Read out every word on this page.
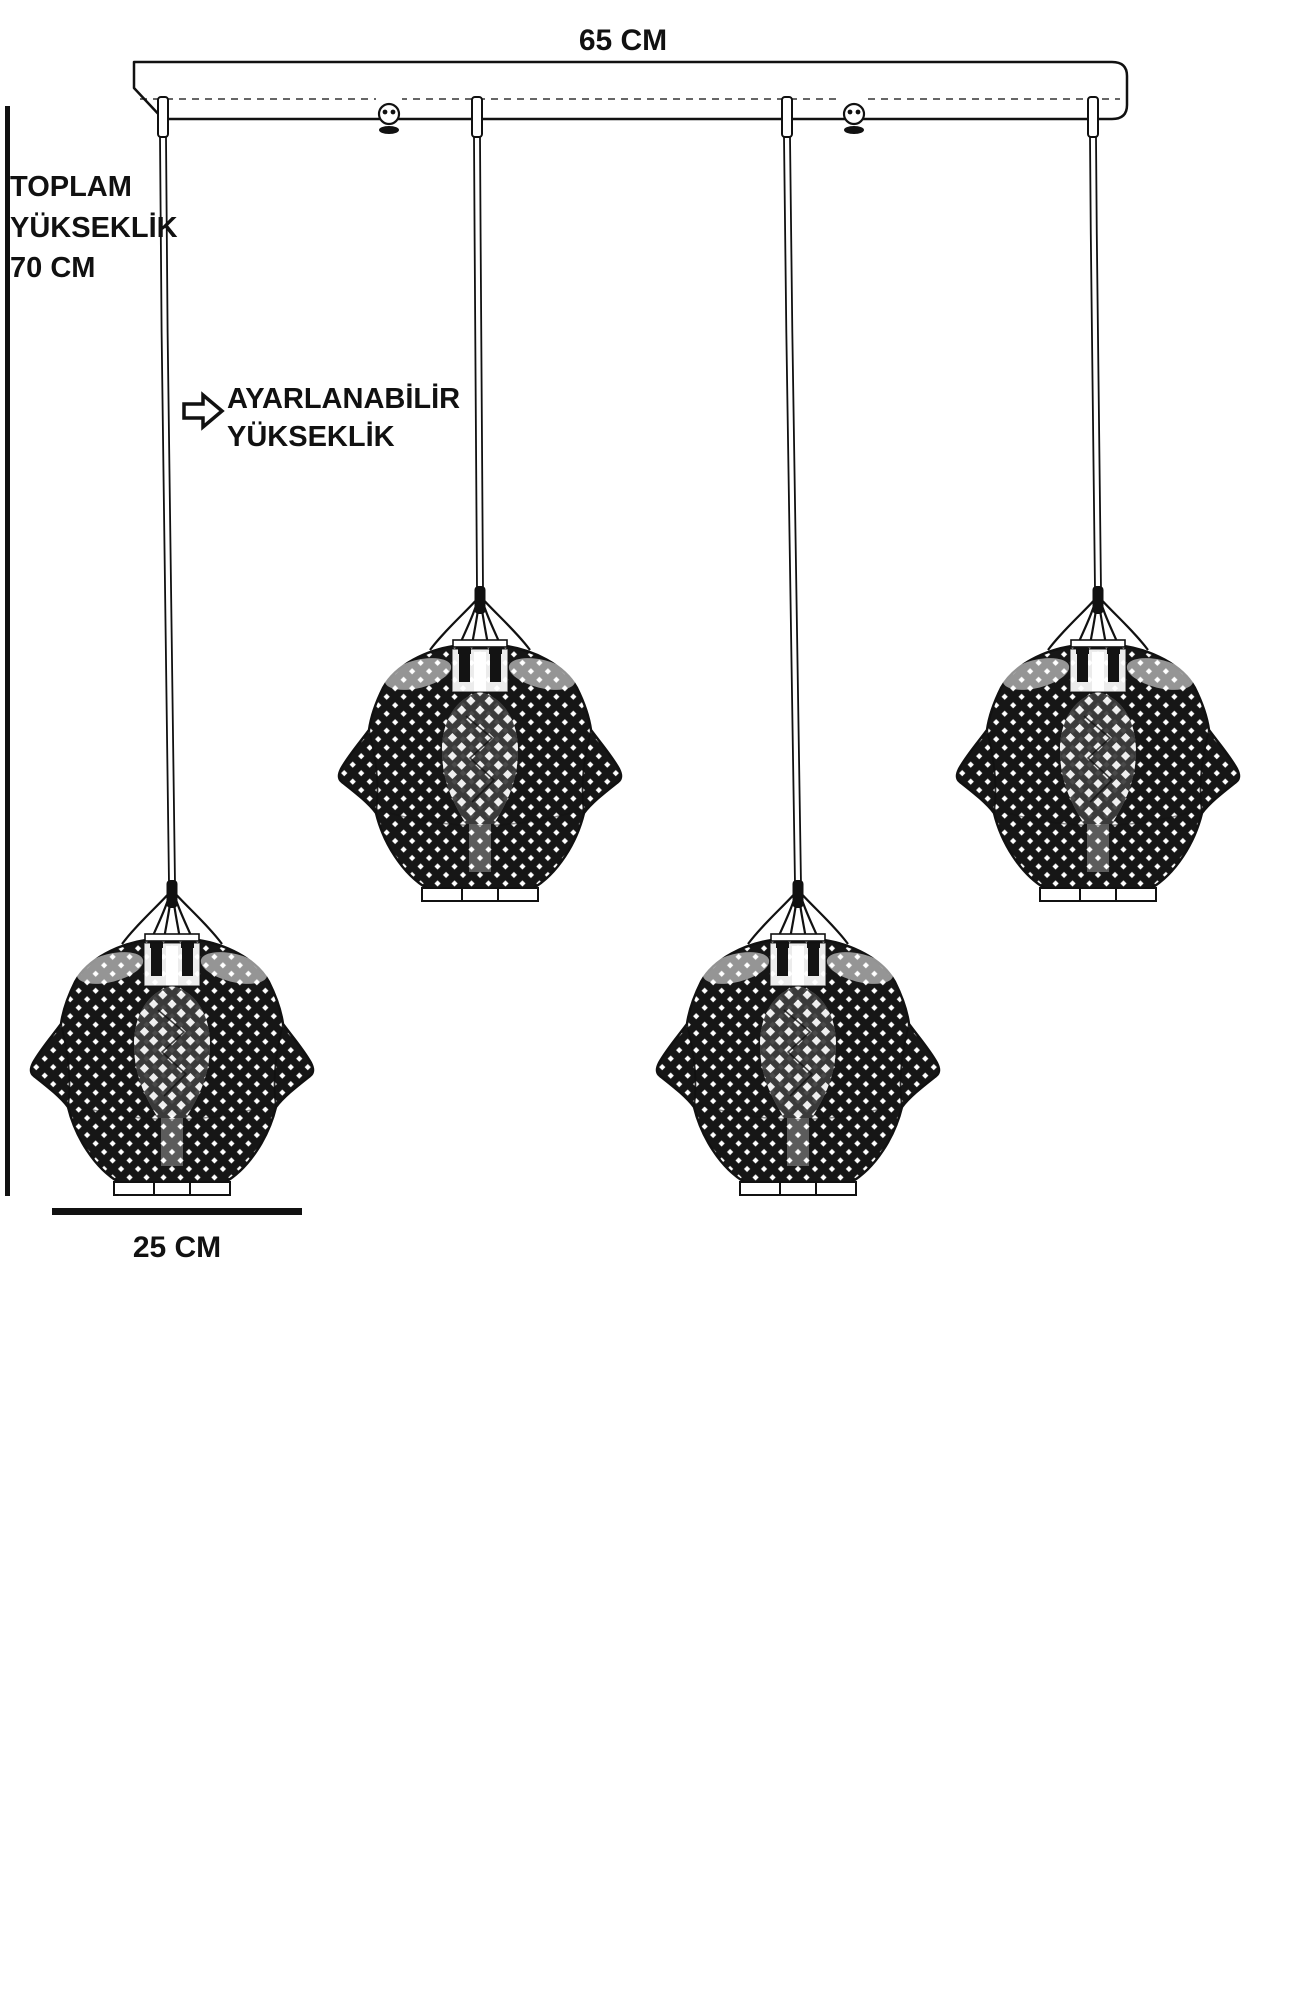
65 CM
TOPLAM
YÜKSEKLİK
70 CM
AYARLANABİLİR
YÜKSEKLİK
25 CM
